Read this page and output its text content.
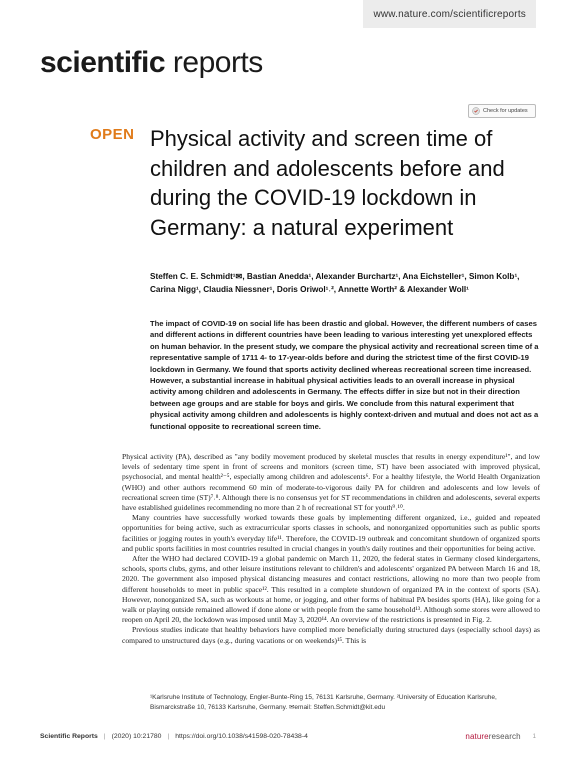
www.nature.com/scientificreports
scientific reports
Check for updates
OPEN Physical activity and screen time of children and adolescents before and during the COVID-19 lockdown in Germany: a natural experiment
Steffen C. E. Schmidt¹✉, Bastian Anedda¹, Alexander Burchartz¹, Ana Eichsteller¹, Simon Kolb¹, Carina Nigg¹, Claudia Niessner¹, Doris Oriwol¹˒², Annette Worth² & Alexander Woll¹

The impact of COVID-19 on social life has been drastic and global. However, the different numbers of cases and different actions in different countries have been leading to various interesting yet unexplored effects on human behavior. In the present study, we compare the physical activity and recreational screen time of a representative sample of 1711 4- to 17-year-olds before and during the strictest time of the first COVID-19 lockdown in Germany. We found that sports activity declined whereas recreational screen time increased. However, a substantial increase in habitual physical activities leads to an overall increase in physical activity among children and adolescents in Germany. The effects differ in size but not in their direction between age groups and are stable for boys and girls. We conclude from this natural experiment that physical activity among children and adolescents is highly context-driven and mutual and does not act as a functional opposite to recreational screen time.

Physical activity (PA), described as "any bodily movement produced by skeletal muscles that results in energy expenditure¹", and low levels of sedentary time spent in front of screens and monitors (screen time, ST) have been associated with improved physical, psychosocial, and mental health²⁻⁵, especially among children and adolescents⁶. For a healthy lifestyle, the World Health Organization (WHO) and other authors recommend 60 min of moderate-to-vigorous daily PA for children and adolescents and low levels of recreational screen time (ST)⁷˒⁸. Although there is no consensus yet for ST recommendations in children and adolescents, several experts have established guidelines recommending no more than 2 h of recreational ST for youth⁹˒¹⁰.

Many countries have successfully worked towards these goals by implementing different organized, i.e., guided and repeated opportunities for being active, such as extracurricular sports classes in schools, and nonorganized opportunities such as public sports facilities or jogging routes in youth's everyday life¹¹. Therefore, the COVID-19 outbreak and concomitant shutdown of organized sports and public sports facilities in most countries resulted in crucial changes in youth's daily routines and their opportunities for being active.

After the WHO had declared COVID-19 a global pandemic on March 11, 2020, the federal states in Germany closed kindergartens, schools, sports clubs, gyms, and other leisure institutions relevant to children's and adolescents' organized PA between March 16 and 18, 2020. The government also imposed physical distancing measures and contact restrictions, allowing no more than two people from different households to meet in public space¹². This resulted in a complete shutdown of organized PA in the context of sports (SA). However, nonorganized SA, such as workouts at home, or jogging, and other forms of habitual PA besides sports (HA), like going for a walk or playing outside remained allowed if done alone or with people from the same household¹³. Although some stores were allowed to reopen on April 20, the lockdown was imposed until May 3, 2020¹⁴. An overview of the restrictions is presented in Fig. 2.

Previous studies indicate that healthy behaviors have complied more beneficially during structured days (especially school days) as compared to unstructured days (e.g., during vacations or on weekends)¹⁵. This is

¹Karlsruhe Institute of Technology, Engler-Bunte-Ring 15, 76131 Karlsruhe, Germany. ²University of Education Karlsruhe, Bismarckstraße 10, 76133 Karlsruhe, Germany. ✉email: Steffen.Schmidt@kit.edu
Scientific Reports | (2020) 10:21780 | https://doi.org/10.1038/s41598-020-78438-4	natureresearch 1
